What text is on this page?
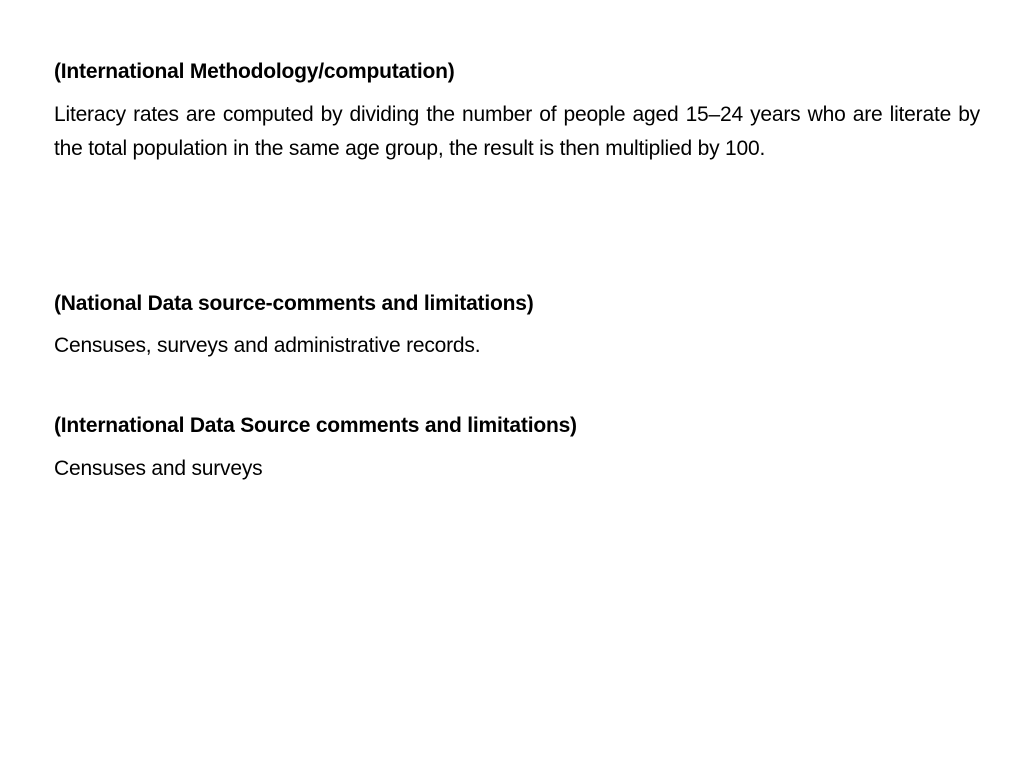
(International Methodology/computation)

Literacy rates are computed by dividing the number of people aged 15–24 years who are literate by the total population in the same age group, the result is then multiplied by 100.

(National Data source-comments and limitations)

Censuses, surveys and administrative records.

(International Data Source comments and limitations)

Censuses and surveys
